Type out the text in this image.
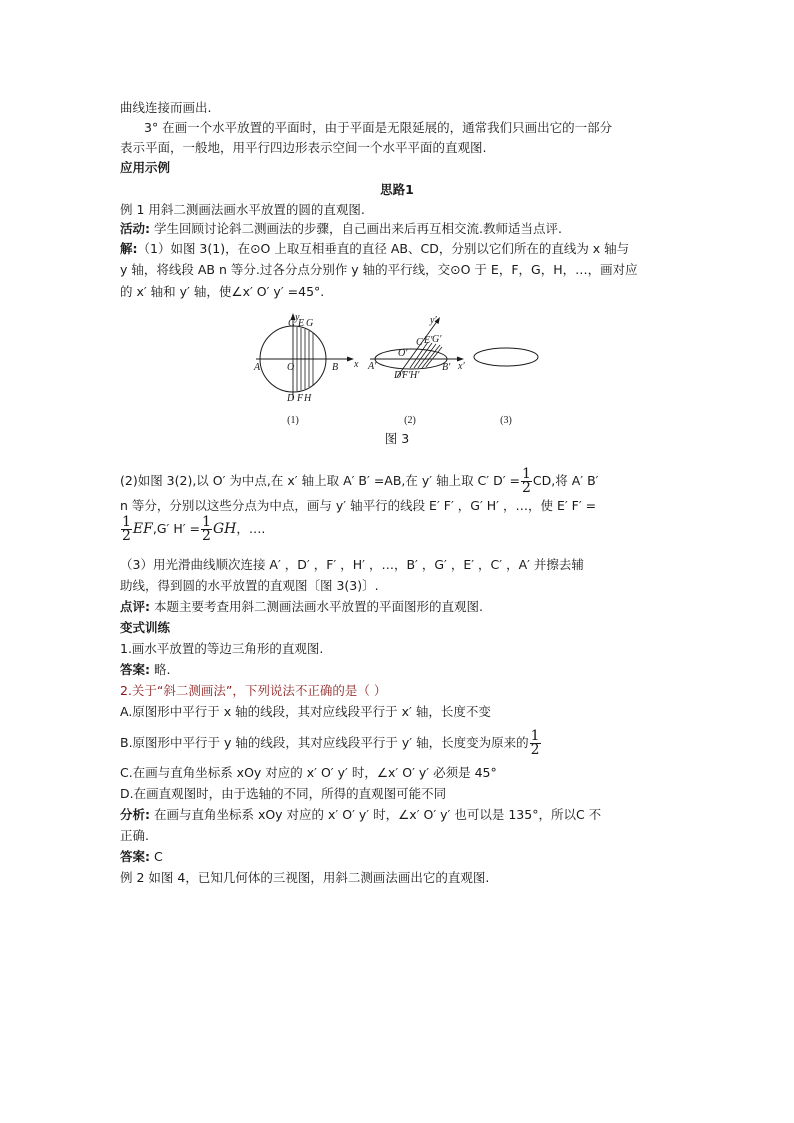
曲线连接而画出.
3° 在画一个水平放置的平面时，由于平面是无限延展的，通常我们只画出它的一部分
表示平面，一般地，用平行四边形表示空间一个水平平面的直观图.
应用示例
思路1
例 1 用斜二测画法画水平放置的圆的直观图.
活动: 学生回顾讨论斜二测画法的步骤，自己画出来后再互相交流.教师适当点评.
解:（1）如图 3(1)，在⊙O 上取互相垂直的直径 AB、CD，分别以它们所在的直线为 x 轴与
y 轴，将线段 AB n 等分.过各分点分别作 y 轴的平行线，交⊙O 于 E，F，G，H，…，画对应
的 x′ 轴和 y′ 轴，使∠x′ O′ y′ =45°.
y
C E G
A	O	B x
D F H
(1)
y′
C′ E′ G′
O′
A′	B′ x′
D′
F′ H′
(2)	(3)
图 3
(2)如图 3(2),以 O′ 为中点,在 x′ 轴上取 A′ B′ =AB,在 y′ 轴上取 C′ $D' = \frac{1}{2}$ CD,将 A′ B′
n 等分，分别以这些分点为中点，画与 y′ 轴平行的线段 E′ F′ ，G′ H′ ，…，使 E′ F′ =
$\frac{1}{2} EF,G'$ $H' = \frac{1}{2}$ GH，….
（3）用光滑曲线顺次连接 A′ ，D′ ，F′ ，H′ ，…，B′ ，G′ ，E′ ，C′ ，A′ 并擦去辅
助线，得到圆的水平放置的直观图〔图 3(3)〕.
点评: 本题主要考查用斜二测画法画水平放置的平面图形的直观图.
变式训练
1.画水平放置的等边三角形的直观图.
答案: 略.
2.关于“斜二测画法”，下列说法不正确的是（ ）
A.原图形中平行于 x 轴的线段，其对应线段平行于 x′ 轴，长度不变
B.原图形中平行于 y 轴的线段，其对应线段平行于 y′ 轴，长度变为原来的 $\frac{1}{2}$
C.在画与直角坐标系 xOy 对应的 x′ O′ y′ 时，∠x′ O′ y′ 必须是 45°
D.在画直观图时，由于选轴的不同，所得的直观图可能不同
分析: 在画与直角坐标系 xOy 对应的 x′ O′ y′ 时，∠x′ O′ y′ 也可以是 135°，所以C 不
正确.
答案: C
例 2 如图 4，已知几何体的三视图，用斜二测画法画出它的直观图.
